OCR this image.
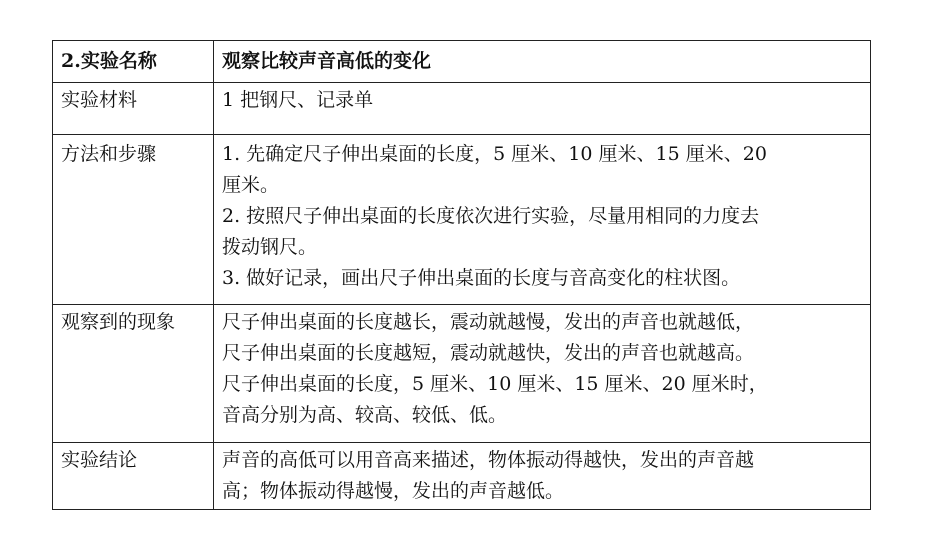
2.实验名称	观察比较声音高低的变化

实验材料	1 把钢尺、记录单

方法和步骤	1. 先确定尺子伸出桌面的长度，5 厘米、10 厘米、15 厘米、20
厘米。
2. 按照尺子伸出桌面的长度依次进行实验，尽量用相同的力度去
拨动钢尺。
3. 做好记录，画出尺子伸出桌面的长度与音高变化的柱状图。

观察到的现象	尺子伸出桌面的长度越长，震动就越慢，发出的声音也就越低，
尺子伸出桌面的长度越短，震动就越快，发出的声音也就越高。
尺子伸出桌面的长度，5 厘米、10 厘米、15 厘米、20 厘米时，
音高分别为高、较高、较低、低。

实验结论	声音的高低可以用音高来描述，物体振动得越快，发出的声音越
高；物体振动得越慢，发出的声音越低。
